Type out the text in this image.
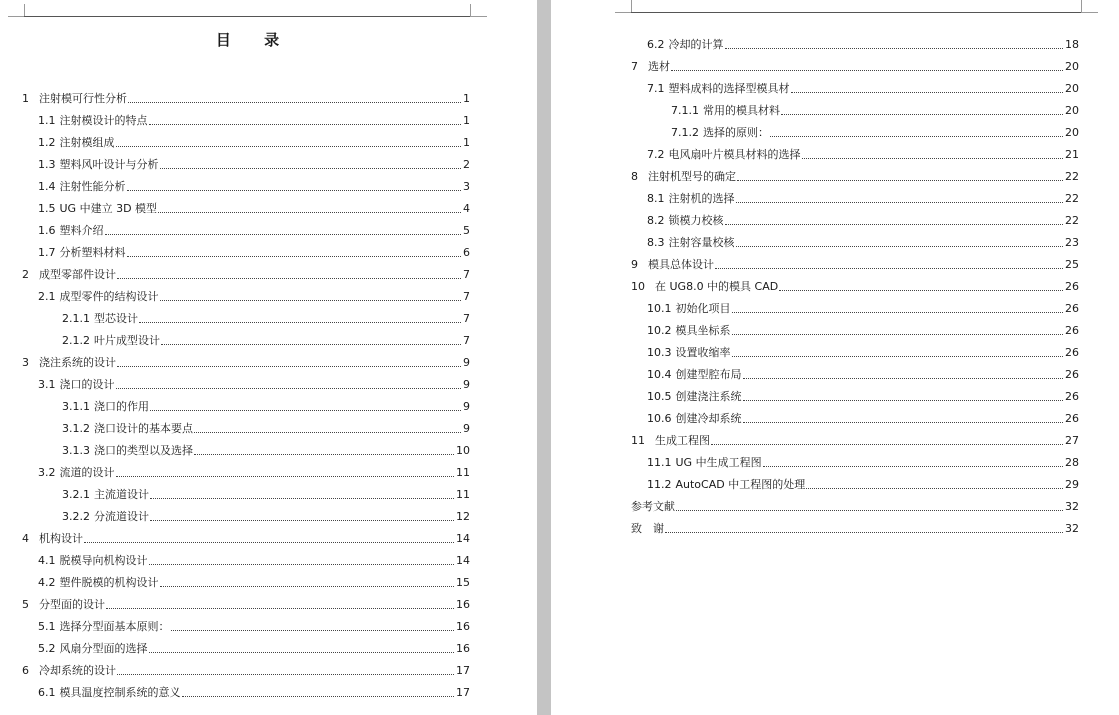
目 录
1 注射模可行性分析	1
1.1 注射模设计的特点	1
1.2 注射模组成	1
1.3 塑料风叶设计与分析	2
1.4 注射性能分析	3
1.5 UG 中建立 3D 模型	4
1.6 塑料介绍	5
1.7 分析塑料材料	6
2 成型零部件设计	7
2.1 成型零件的结构设计	7
2.1.1 型芯设计	7
2.1.2 叶片成型设计	7
3 浇注系统的设计	9
3.1 浇口的设计	9
3.1.1 浇口的作用	9
3.1.2 浇口设计的基本要点	9
3.1.3 浇口的类型以及选择	10
3.2 流道的设计	11
3.2.1 主流道设计	11
3.2.2 分流道设计	12
4 机构设计	14
4.1 脱模导向机构设计	14
4.2 塑件脱模的机构设计	15
5 分型面的设计	16
5.1 选择分型面基本原则：	16
5.2 风扇分型面的选择	16
6 冷却系统的设计	17
6.1 模具温度控制系统的意义	17
6.2 冷却的计算	18
7 选材	20
7.1 塑料成料的选择型模具材	20
7.1.1 常用的模具材料	20
7.1.2 选择的原则：	20
7.2 电风扇叶片模具材料的选择	21
8 注射机型号的确定	22
8.1 注射机的选择	22
8.2 锁模力校核	22
8.3 注射容量校核	23
9 模具总体设计	25
10 在 UG8.0 中的模具 CAD	26
10.1 初始化项目	26
10.2 模具坐标系	26
10.3 设置收缩率	26
10.4 创建型腔布局	26
10.5 创建浇注系统	26
10.6 创建冷却系统	26
11 生成工程图	27
11.1 UG 中生成工程图	28
11.2 AutoCAD 中工程图的处理	29
参考文献	32
致　谢	32
